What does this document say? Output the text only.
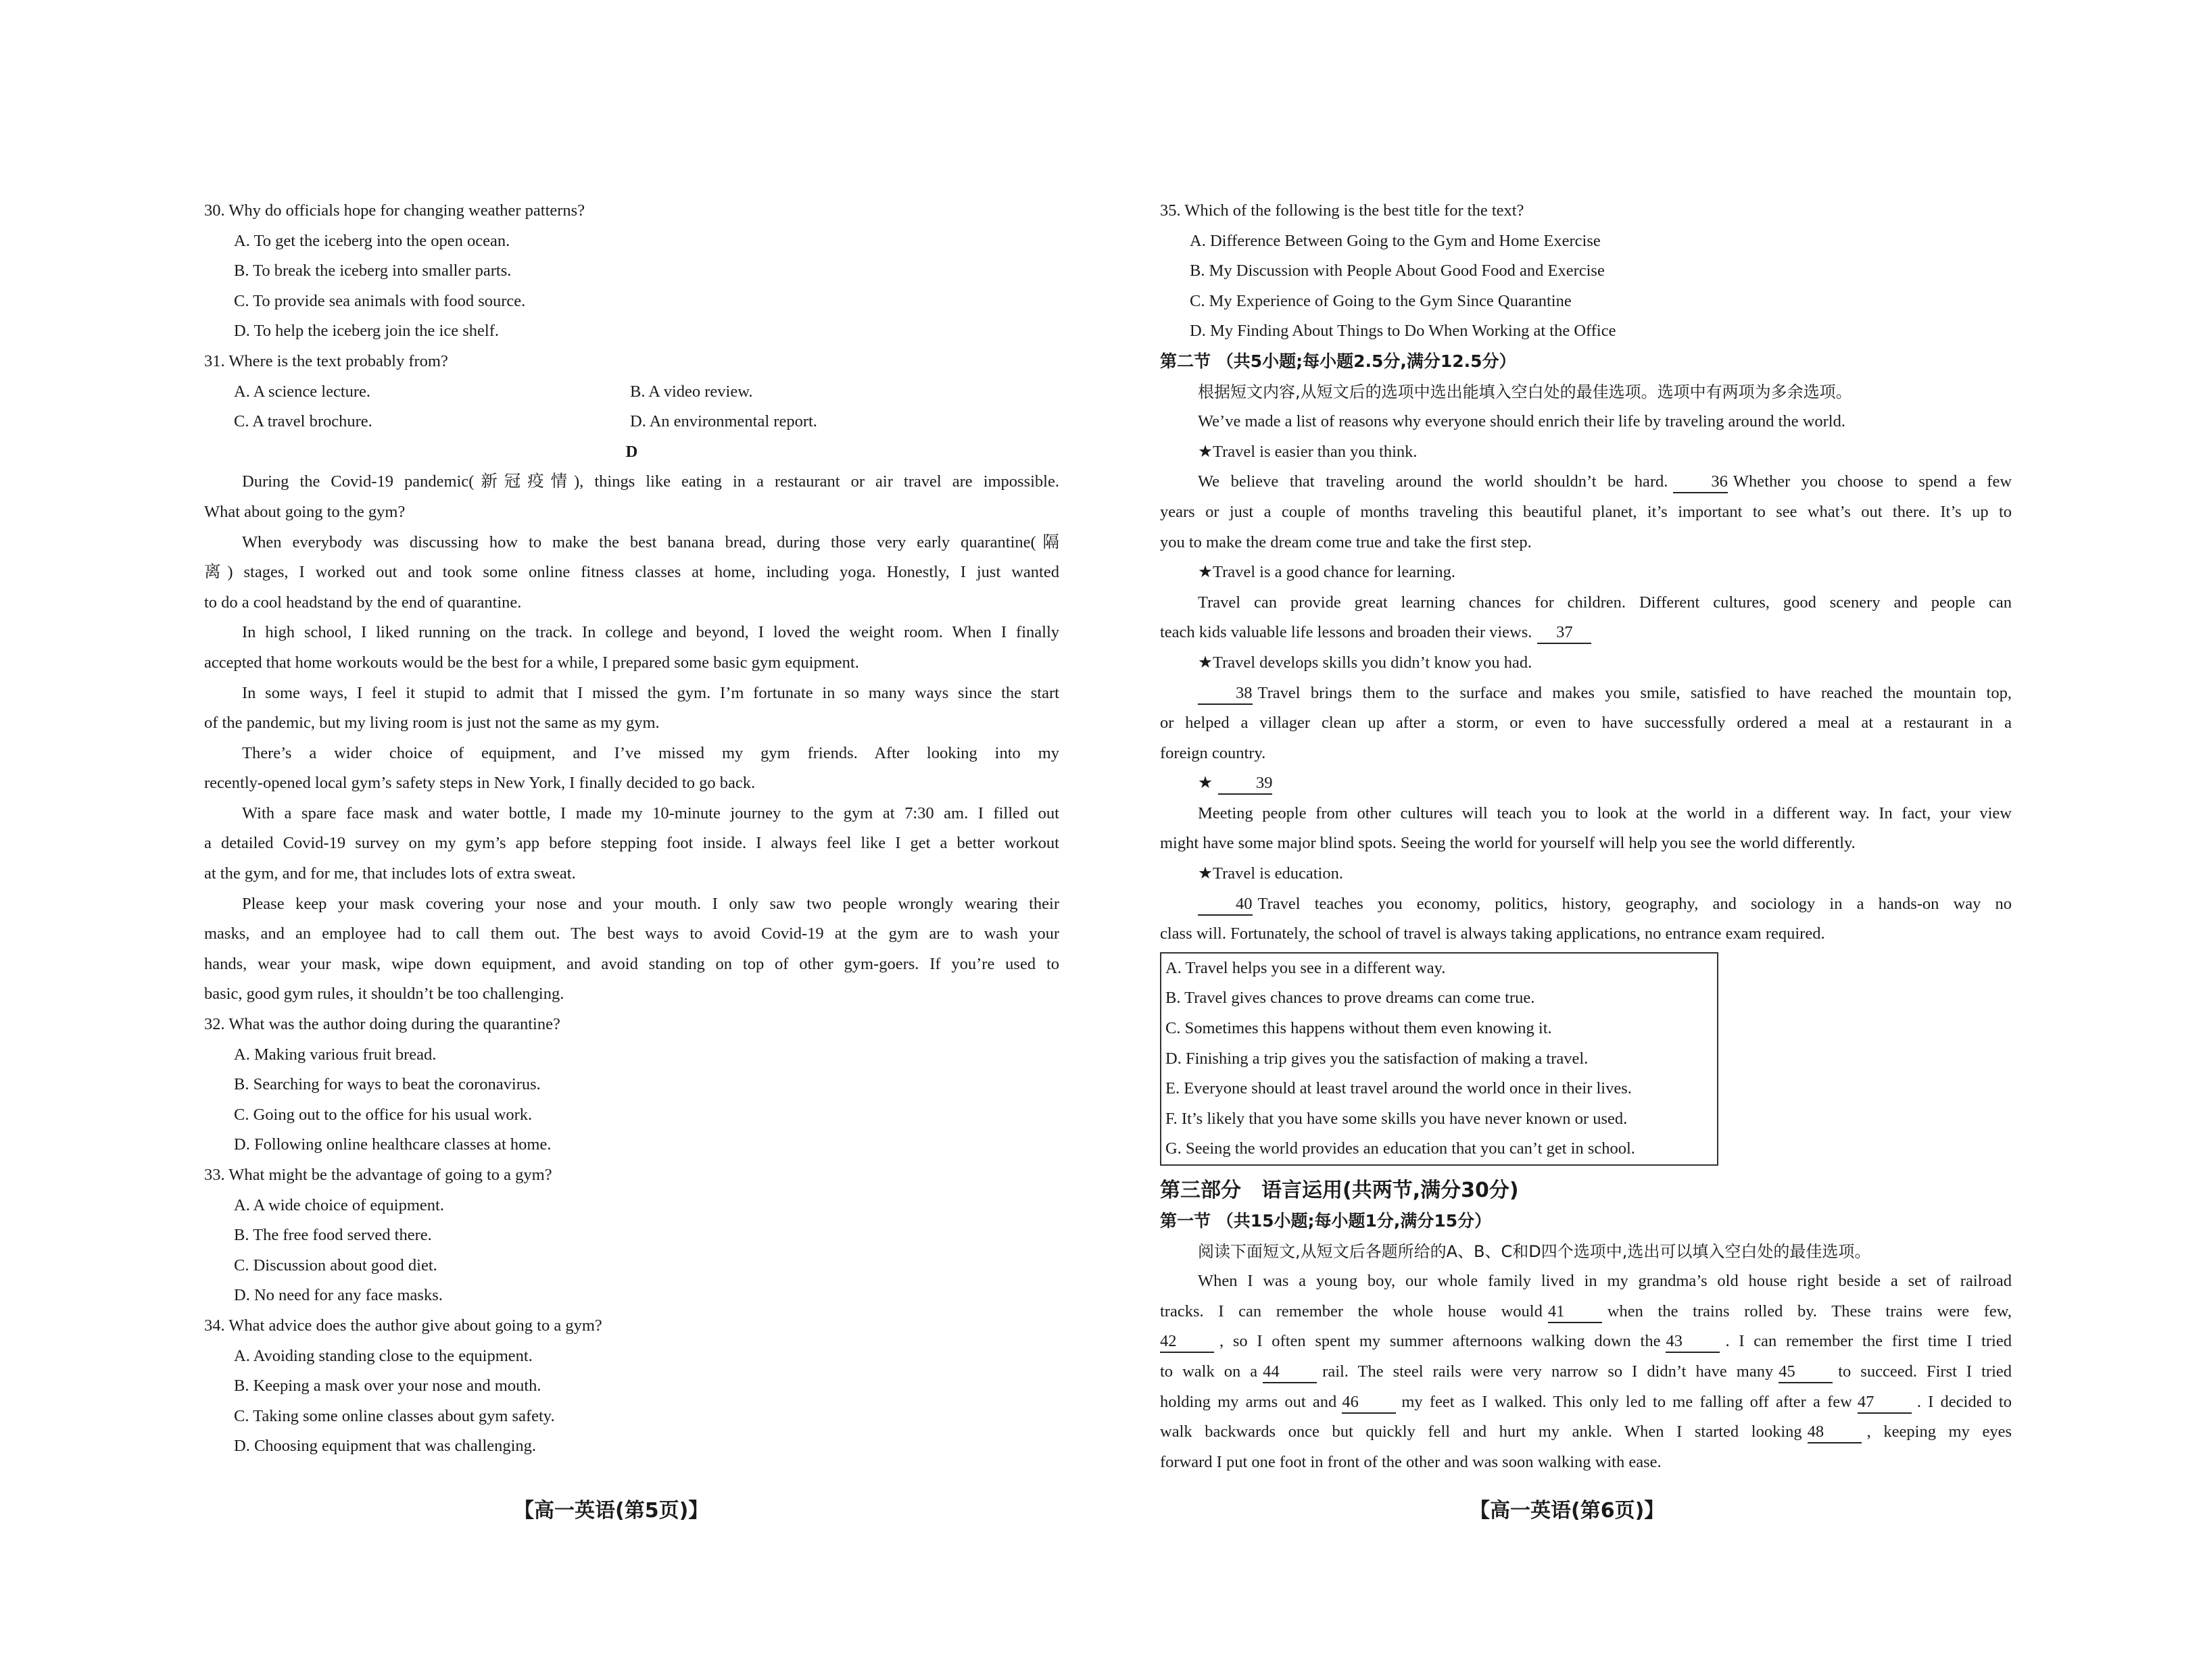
30. Why do officials hope for changing weather patterns?
A. To get the iceberg into the open ocean.
B. To break the iceberg into smaller parts.
C. To provide sea animals with food source.
D. To help the iceberg join the ice shelf.
31. Where is the text probably from?
A. A science lecture.	B. A video review.
C. A travel brochure.	D. An environmental report.
D
During the Covid-19 pandemic(新冠疫情), things like eating in a restaurant or air travel are impossible.
What about going to the gym?
When everybody was discussing how to make the best banana bread, during those very early quarantine(隔
离) stages, I worked out and took some online fitness classes at home, including yoga. Honestly, I just wanted
to do a cool headstand by the end of quarantine.
In high school, I liked running on the track. In college and beyond, I loved the weight room. When I finally
accepted that home workouts would be the best for a while, I prepared some basic gym equipment.
In some ways, I feel it stupid to admit that I missed the gym. I’m fortunate in so many ways since the start
of the pandemic, but my living room is just not the same as my gym.
There’s a wider choice of equipment, and I’ve missed my gym friends. After looking into my
recently-opened local gym’s safety steps in New York, I finally decided to go back.
With a spare face mask and water bottle, I made my 10-minute journey to the gym at 7:30 am. I filled out
a detailed Covid-19 survey on my gym’s app before stepping foot inside. I always feel like I get a better workout
at the gym, and for me, that includes lots of extra sweat.
Please keep your mask covering your nose and your mouth. I only saw two people wrongly wearing their
masks, and an employee had to call them out. The best ways to avoid Covid-19 at the gym are to wash your
hands, wear your mask, wipe down equipment, and avoid standing on top of other gym-goers. If you’re used to
basic, good gym rules, it shouldn’t be too challenging.
32. What was the author doing during the quarantine?
A. Making various fruit bread.
B. Searching for ways to beat the coronavirus.
C. Going out to the office for his usual work.
D. Following online healthcare classes at home.
33. What might be the advantage of going to a gym?
A. A wide choice of equipment.
B. The free food served there.
C. Discussion about good diet.
D. No need for any face masks.
34. What advice does the author give about going to a gym?
A. Avoiding standing close to the equipment.
B. Keeping a mask over your nose and mouth.
C. Taking some online classes about gym safety.
D. Choosing equipment that was challenging.
【高一英语(第5页)】
35. Which of the following is the best title for the text?
A. Difference Between Going to the Gym and Home Exercise
B. My Discussion with People About Good Food and Exercise
C. My Experience of Going to the Gym Since Quarantine
D. My Finding About Things to Do When Working at the Office
第二节 （共5小题;每小题2.5分,满分12.5分）
根据短文内容,从短文后的选项中选出能填入空白处的最佳选项。选项中有两项为多余选项。
We’ve made a list of reasons why everyone should enrich their life by traveling around the world.
★Travel is easier than you think.
We believe that traveling around the world shouldn’t be hard.	36 Whether you choose to spend a few
years or just a couple of months traveling this beautiful planet, it’s important to see what’s out there. It’s up to
you to make the dream come true and take the first step.
★Travel is a good chance for learning.
Travel can provide great learning chances for children. Different cultures, good scenery and people can
teach kids valuable life lessons and broaden their views. 37
★Travel develops skills you didn’t know you had.
38 Travel brings them to the surface and makes you smile, satisfied to have reached the mountain top,
or helped a villager clean up after a storm, or even to have successfully ordered a meal at a restaurant in a
foreign country.
★	39
Meeting people from other cultures will teach you to look at the world in a different way. In fact, your view
might have some major blind spots. Seeing the world for yourself will help you see the world differently.
★Travel is education.
40 Travel teaches you economy, politics, history, geography, and sociology in a hands-on way no
class will. Fortunately, the school of travel is always taking applications, no entrance exam required.
A. Travel helps you see in a different way.
B. Travel gives chances to prove dreams can come true.
C. Sometimes this happens without them even knowing it.
D. Finishing a trip gives you the satisfaction of making a travel.
E. Everyone should at least travel around the world once in their lives.
F. It’s likely that you have some skills you have never known or used.
G. Seeing the world provides an education that you can’t get in school.
第三部分　语言运用(共两节,满分30分)
第一节 （共15小题;每小题1分,满分15分）
阅读下面短文,从短文后各题所给的A、B、C和D四个选项中,选出可以填入空白处的最佳选项。
When I was a young boy, our whole family lived in my grandma’s old house right beside a set of railroad
tracks. I can remember the whole house would 41	when the trains rolled by. These trains were few,
42	, so I often spent my summer afternoons walking down the 43	. I can remember the first time I tried
to walk on a 44	rail. The steel rails were very narrow so I didn’t have many 45	to succeed. First I tried
holding my arms out and 46	my feet as I walked. This only led to me falling off after a few 47	. I decided to
walk backwards once but quickly fell and hurt my ankle. When I started looking 48	, keeping my eyes
forward I put one foot in front of the other and was soon walking with ease.
【高一英语(第6页)】
